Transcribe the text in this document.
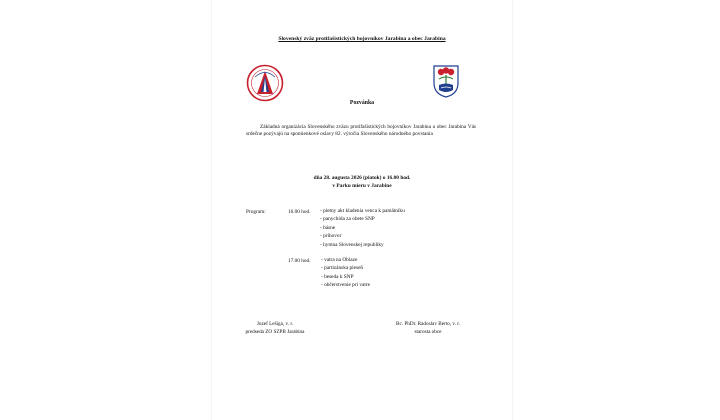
Slovenský zväz protifašistických bojovníkov Jarabina a obec Jarabina
Pozvánka
Základná organizácia Slovenského zväzu protifašistických bojovníkov Jarabina a obec Jarabina Vás srdečne pozývajú na spomienkové oslavy 82. výročia Slovenského národného povstania
dňa 28. augusta 2026 (piatok) o 16.00 hod.
v Parku mieru v Jarabine
Program:	16.00 hod. - pietny akt kladenia venca k pamätníku
- panychída za obete SNP
- básne
- príhovor
- hymna Slovenskej republiky
17.00 hod. - vatra na Oblaze
- partizánska pieseň
- beseda k SNP
- občerstvenie pri vatre
Jozef Lešiga, v. r.
predseda ZO SZPB Jarabina
Bc. PhDr. Radoslav Berto, v. r.
starosta obce
